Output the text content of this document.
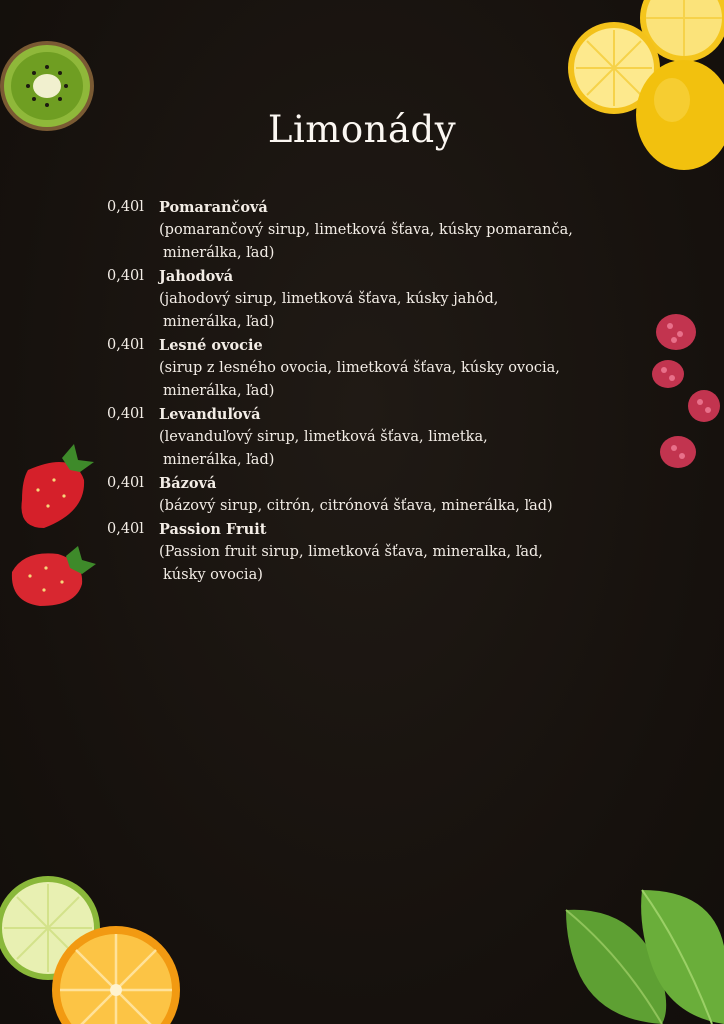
Limonády
0,40l Pomarančová
(pomarančový sirup, limetková šťava, kúsky pomaranča,
minerálka, ľad)
0,40l Jahodová
(jahodový sirup, limetková šťava, kúsky jahôd,
minerálka, ľad)
0,40l Lesné ovocie
(sirup z lesného ovocia, limetková šťava, kúsky ovocia,
minerálka, ľad)
0,40l Levanduľová
(levanduľový sirup, limetková šťava, limetka,
minerálka, ľad)
0,40l Bázová
(bázový sirup, citrón, citrónová šťava, minerálka, ľad)
0,40l Passion Fruit
(Passion fruit sirup, limetková šťava, mineralka, ľad,
kúsky ovocia)
